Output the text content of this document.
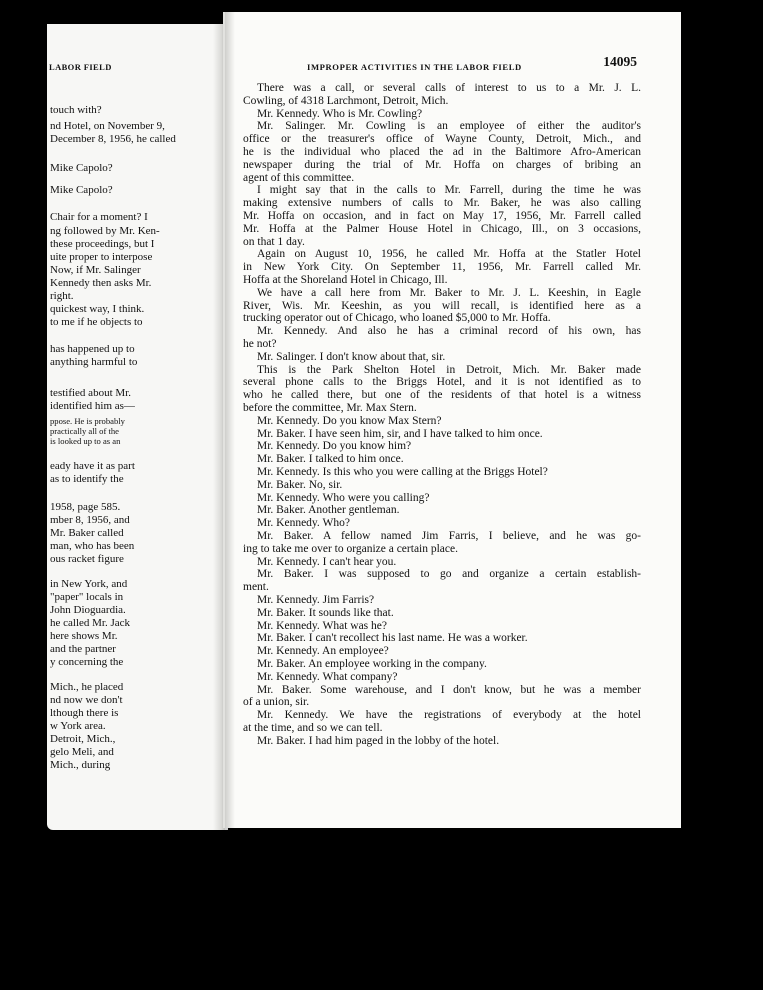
LABOR FIELD
touch with?
nd Hotel, on November 9,
December 8, 1956, he called
Mike Capolo?
Mike Capolo?
Chair for a moment? I
ng followed by Mr. Ken-
these proceedings, but I
uite proper to interpose
Now, if Mr. Salinger
Kennedy then asks Mr.
right.
quickest way, I think.
to me if he objects to
has happened up to
anything harmful to
testified about Mr.
identified him as—
ppose. He is probably
practically all of the
is looked up to as an
eady have it as part
as to identify the
1958, page 585.
mber 8, 1956, and
Mr. Baker called
man, who has been
ous racket figure
in New York, and
"paper" locals in
John Dioguardia.
he called Mr. Jack
here shows Mr.
and the partner
y concerning the
Mich., he placed
nd now we don't
lthough there is
w York area.
Detroit, Mich.,
gelo Meli, and
Mich., during
IMPROPER ACTIVITIES IN THE LABOR FIELD	14095
There was a call, or several calls of interest to us to a Mr. J. L.
Cowling, of 4318 Larchmont, Detroit, Mich.
Mr. Kennedy. Who is Mr. Cowling?
Mr. Salinger. Mr. Cowling is an employee of either the auditor's
office or the treasurer's office of Wayne County, Detroit, Mich., and
he is the individual who placed the ad in the Baltimore Afro-American
newspaper during the trial of Mr. Hoffa on charges of bribing an
agent of this committee.
I might say that in the calls to Mr. Farrell, during the time he was
making extensive numbers of calls to Mr. Baker, he was also calling
Mr. Hoffa on occasion, and in fact on May 17, 1956, Mr. Farrell called
Mr. Hoffa at the Palmer House Hotel in Chicago, Ill., on 3 occasions,
on that 1 day.
Again on August 10, 1956, he called Mr. Hoffa at the Statler Hotel
in New York City. On September 11, 1956, Mr. Farrell called Mr.
Hoffa at the Shoreland Hotel in Chicago, Ill.
We have a call here from Mr. Baker to Mr. J. L. Keeshin, in Eagle
River, Wis. Mr. Keeshin, as you will recall, is identified here as a
trucking operator out of Chicago, who loaned $5,000 to Mr. Hoffa.
Mr. Kennedy. And also he has a criminal record of his own, has
he not?
Mr. Salinger. I don't know about that, sir.
This is the Park Shelton Hotel in Detroit, Mich. Mr. Baker made
several phone calls to the Briggs Hotel, and it is not identified as to
who he called there, but one of the residents of that hotel is a witness
before the committee, Mr. Max Stern.
Mr. Kennedy. Do you know Max Stern?
Mr. Baker. I have seen him, sir, and I have talked to him once.
Mr. Kennedy. Do you know him?
Mr. Baker. I talked to him once.
Mr. Kennedy. Is this who you were calling at the Briggs Hotel?
Mr. Baker. No, sir.
Mr. Kennedy. Who were you calling?
Mr. Baker. Another gentleman.
Mr. Kennedy. Who?
Mr. Baker. A fellow named Jim Farris, I believe, and he was go-
ing to take me over to organize a certain place.
Mr. Kennedy. I can't hear you.
Mr. Baker. I was supposed to go and organize a certain establish-
ment.
Mr. Kennedy. Jim Farris?
Mr. Baker. It sounds like that.
Mr. Kennedy. What was he?
Mr. Baker. I can't recollect his last name. He was a worker.
Mr. Kennedy. An employee?
Mr. Baker. An employee working in the company.
Mr. Kennedy. What company?
Mr. Baker. Some warehouse, and I don't know, but he was a member
of a union, sir.
Mr. Kennedy. We have the registrations of everybody at the hotel
at the time, and so we can tell.
Mr. Baker. I had him paged in the lobby of the hotel.
